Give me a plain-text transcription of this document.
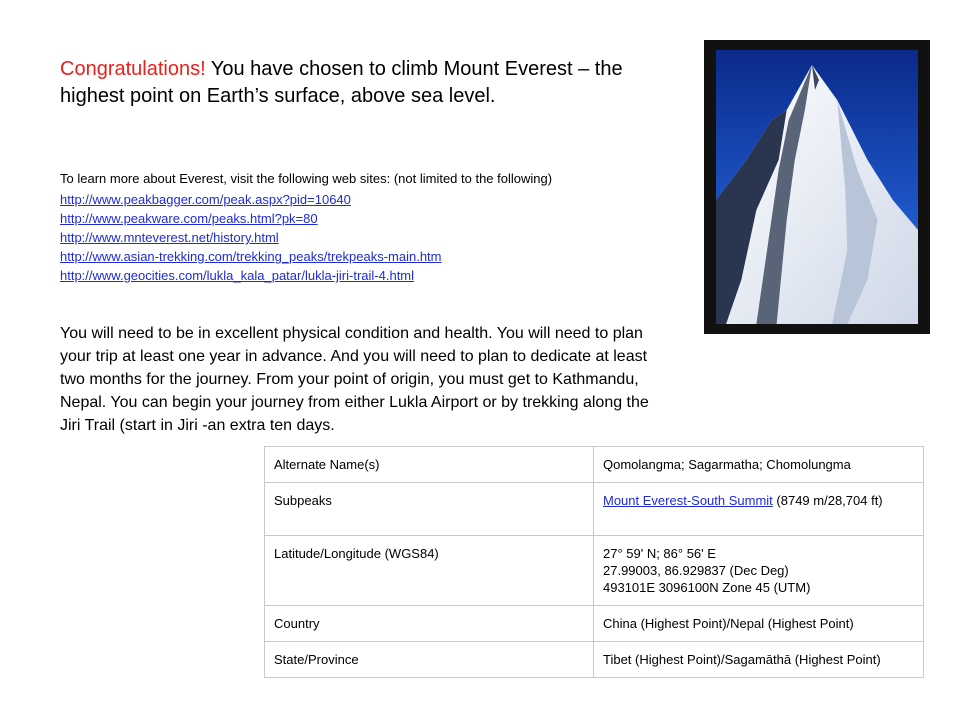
Congratulations! You have chosen to climb Mount Everest – the highest point on Earth’s surface, above sea level.

To learn more about Everest, visit the following web sites: (not limited to the following)

http://www.peakbagger.com/peak.aspx?pid=10640
http://www.peakware.com/peaks.html?pk=80
http://www.mnteverest.net/history.html
http://www.asian-trekking.com/trekking_peaks/trekpeaks-main.htm
http://www.geocities.com/lukla_kala_patar/lukla-jiri-trail-4.html

You will need to be in excellent physical condition and health. You will need to plan your trip at least one year in advance. And you will need to plan to dedicate at least two months for the journey. From your point of origin, you must get to Kathmandu, Nepal. You can begin your journey from either Lukla Airport or by trekking along the Jiri Trail (start in Jiri -an extra ten days.

Alternate Name(s)	Qomolangma; Sagarmatha; Chomolungma
Subpeaks	Mount Everest-South Summit (8749 m/28,704 ft)

Latitude/Longitude (WGS84)	27° 59' N; 86° 56' E
27.99003, 86.929837 (Dec Deg)
493101E 3096100N Zone 45 (UTM)
Country	China (Highest Point)/Nepal (Highest Point)
State/Province	Tibet (Highest Point)/Sagamāthā (Highest Point)
